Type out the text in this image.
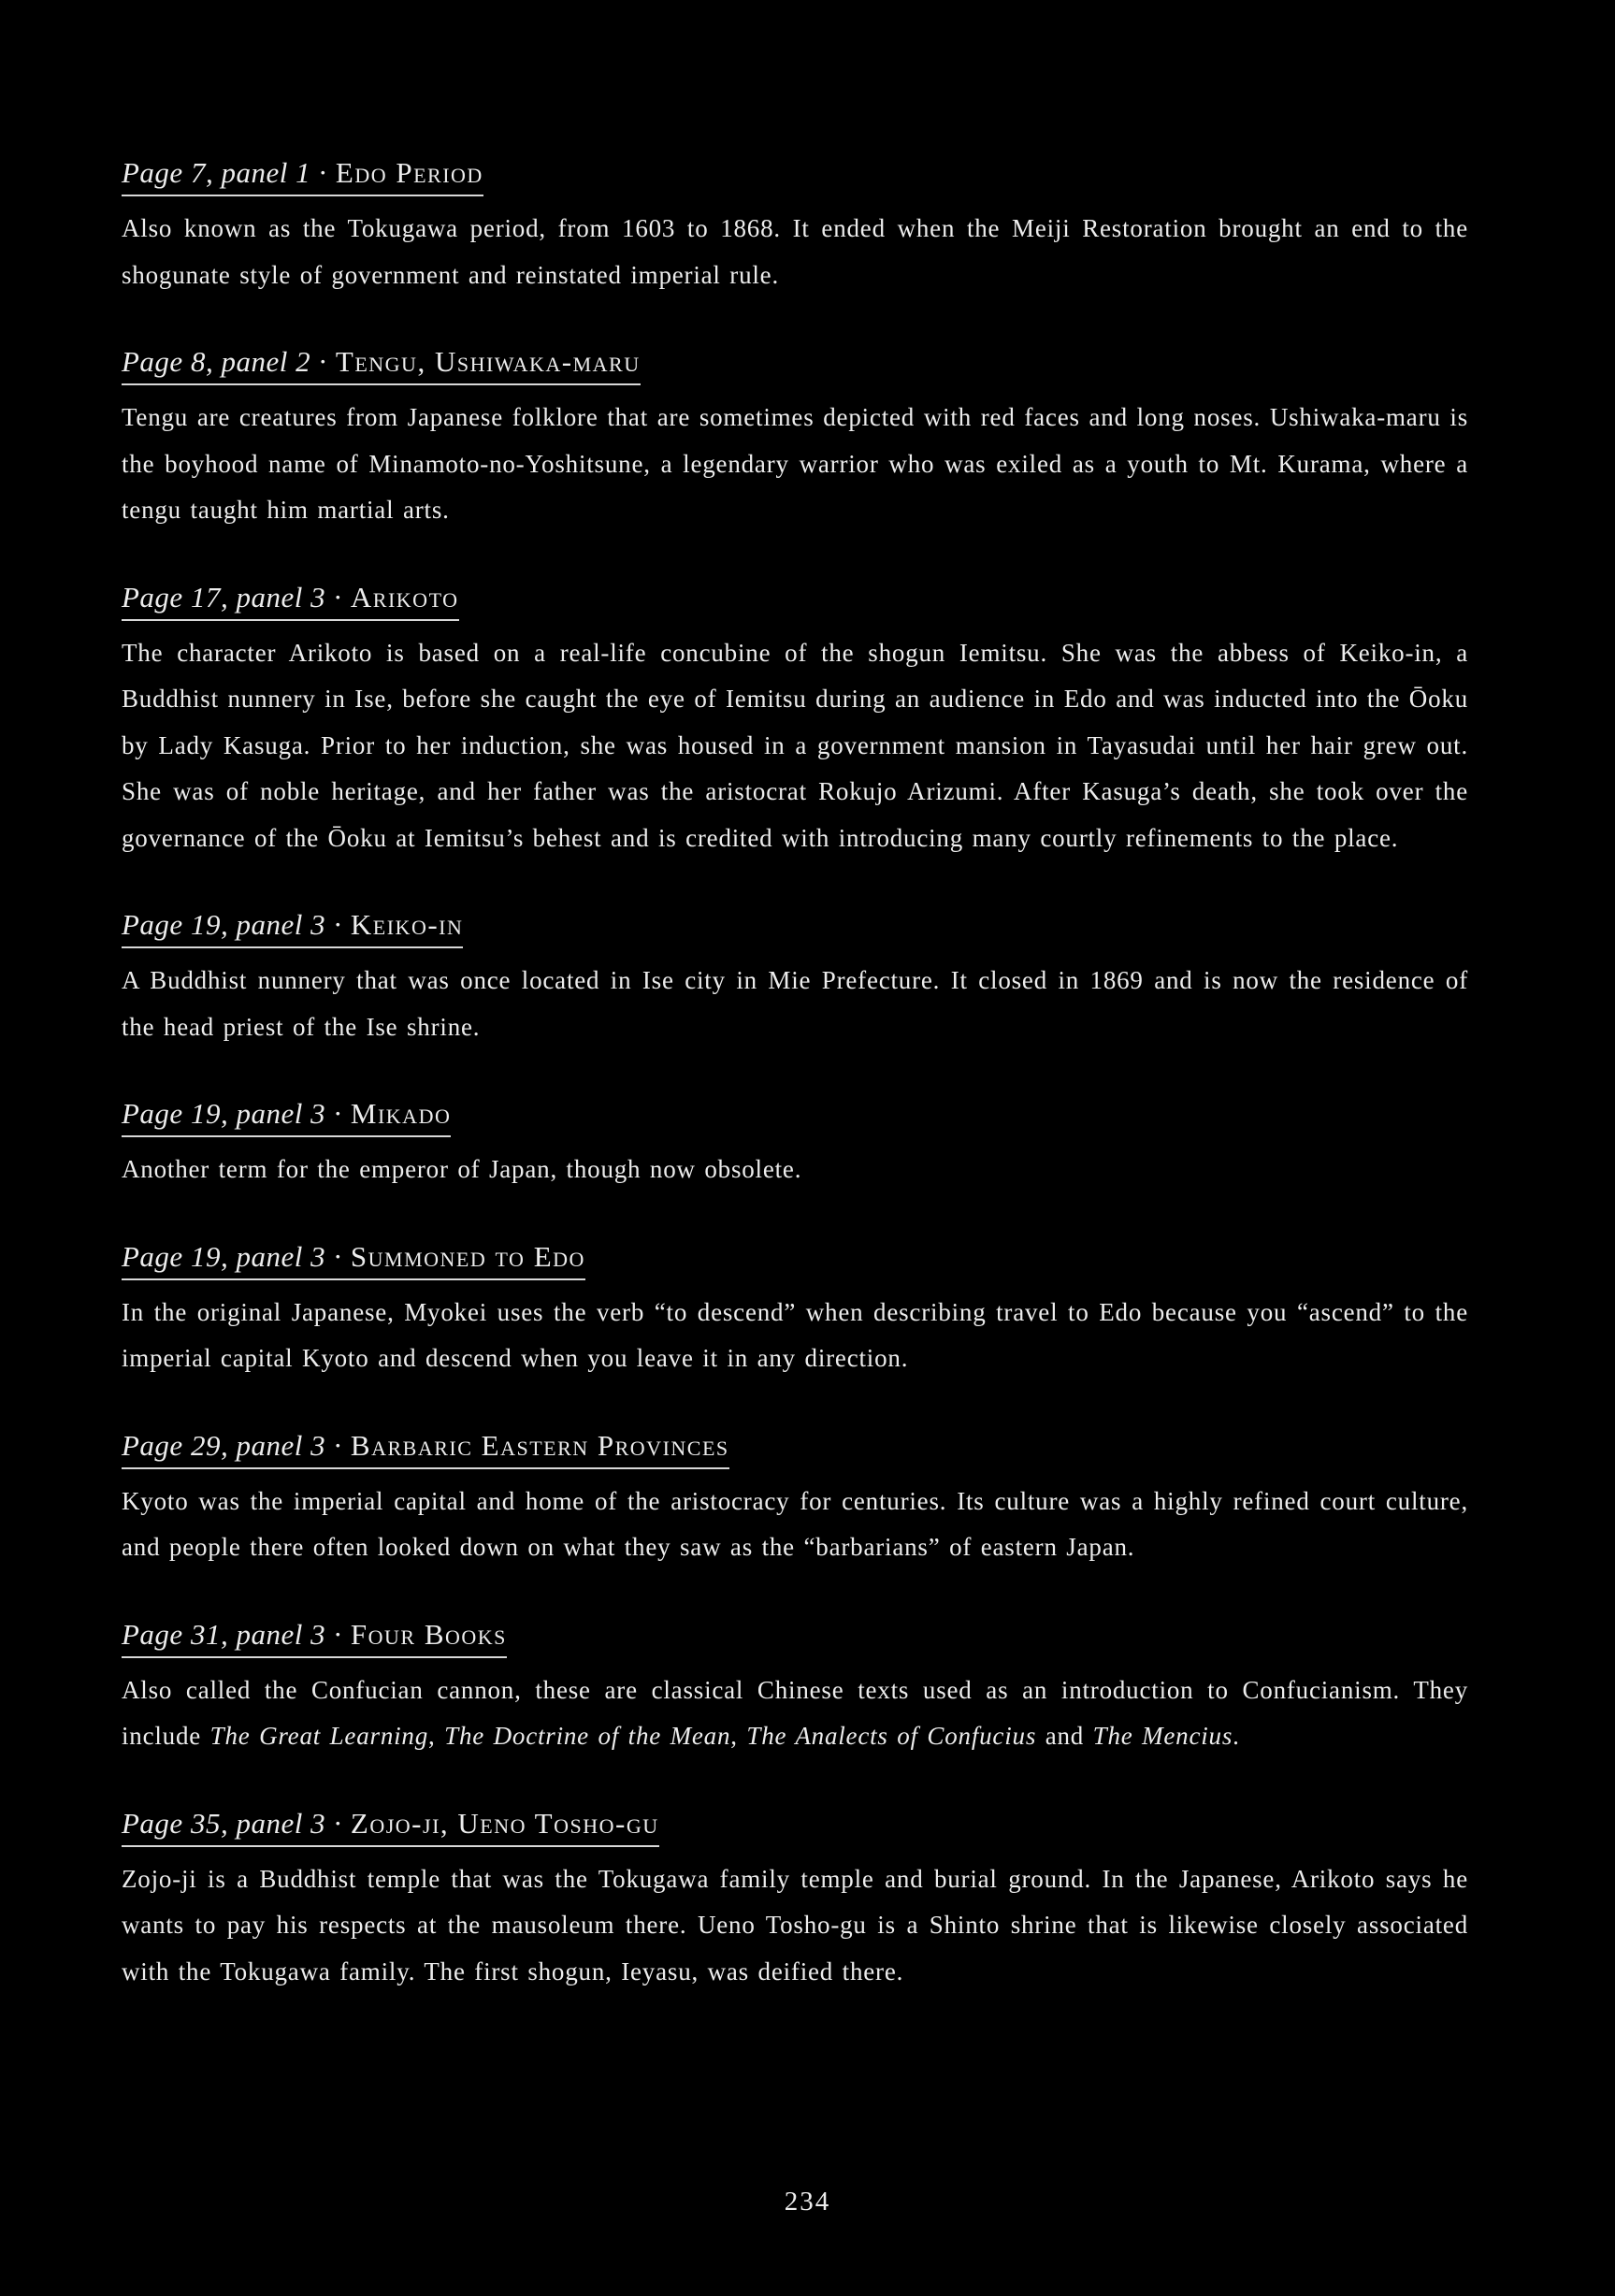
Page 7, panel 1 · Edo Period

Also known as the Tokugawa period, from 1603 to 1868. It ended when the Meiji Restoration brought an end to the shogunate style of government and reinstated imperial rule.

Page 8, panel 2 · Tengu, Ushiwaka-maru

Tengu are creatures from Japanese folklore that are sometimes depicted with red faces and long noses. Ushiwaka-maru is the boyhood name of Minamoto-no-Yoshitsune, a legendary warrior who was exiled as a youth to Mt. Kurama, where a tengu taught him martial arts.

Page 17, panel 3 · Arikoto

The character Arikoto is based on a real-life concubine of the shogun Iemitsu. She was the abbess of Keiko-in, a Buddhist nunnery in Ise, before she caught the eye of Iemitsu during an audience in Edo and was inducted into the Ōoku by Lady Kasuga. Prior to her induction, she was housed in a government mansion in Tayasudai until her hair grew out. She was of noble heritage, and her father was the aristocrat Rokujo Arizumi. After Kasuga’s death, she took over the governance of the Ōoku at Iemitsu’s behest and is credited with introducing many courtly refinements to the place.

Page 19, panel 3 · Keiko-in

A Buddhist nunnery that was once located in Ise city in Mie Prefecture. It closed in 1869 and is now the residence of the head priest of the Ise shrine.

Page 19, panel 3 · Mikado

Another term for the emperor of Japan, though now obsolete.

Page 19, panel 3 · Summoned to Edo

In the original Japanese, Myokei uses the verb “to descend” when describing travel to Edo because you “ascend” to the imperial capital Kyoto and descend when you leave it in any direction.

Page 29, panel 3 · Barbaric Eastern Provinces

Kyoto was the imperial capital and home of the aristocracy for centuries. Its culture was a highly refined court culture, and people there often looked down on what they saw as the “barbarians” of eastern Japan.

Page 31, panel 3 · Four Books

Also called the Confucian cannon, these are classical Chinese texts used as an introduction to Confucianism. They include The Great Learning, The Doctrine of the Mean, The Analects of Confucius and The Mencius.

Page 35, panel 3 · Zojo-ji, Ueno Tosho-gu

Zojo-ji is a Buddhist temple that was the Tokugawa family temple and burial ground. In the Japanese, Arikoto says he wants to pay his respects at the mausoleum there. Ueno Tosho-gu is a Shinto shrine that is likewise closely associated with the Tokugawa family. The first shogun, Ieyasu, was deified there.

234
